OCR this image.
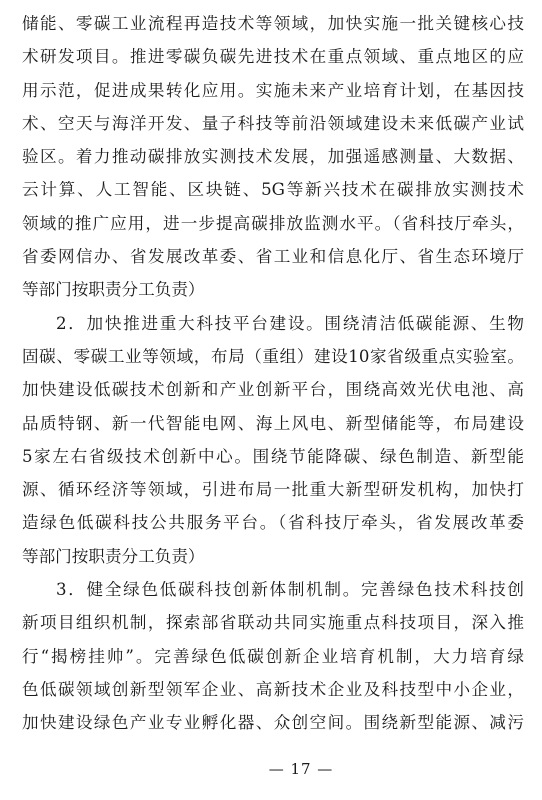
储能、零碳工业流程再造技术等领域，加快实施一批关键核心技
术研发项目。推进零碳负碳先进技术在重点领域、重点地区的应
用示范，促进成果转化应用。实施未来产业培育计划，在基因技
术、空天与海洋开发、量子科技等前沿领域建设未来低碳产业试
验区。着力推动碳排放实测技术发展，加强遥感测量、大数据、
云计算、人工智能、区块链、5G等新兴技术在碳排放实测技术
领域的推广应用，进一步提高碳排放监测水平。（省科技厅牵头，
省委网信办、省发展改革委、省工业和信息化厅、省生态环境厅
等部门按职责分工负责）
2．加快推进重大科技平台建设。围绕清洁低碳能源、生物
固碳、零碳工业等领域，布局（重组）建设10家省级重点实验室。
加快建设低碳技术创新和产业创新平台，围绕高效光伏电池、高
品质特钢、新一代智能电网、海上风电、新型储能等，布局建设
5家左右省级技术创新中心。围绕节能降碳、绿色制造、新型能
源、循环经济等领域，引进布局一批重大新型研发机构，加快打
造绿色低碳科技公共服务平台。（省科技厅牵头，省发展改革委
等部门按职责分工负责）
3．健全绿色低碳科技创新体制机制。完善绿色技术科技创
新项目组织机制，探索部省联动共同实施重点科技项目，深入推
行“揭榜挂帅”。完善绿色低碳创新企业培育机制，大力培育绿
色低碳领域创新型领军企业、高新技术企业及科技型中小企业，
加快建设绿色产业专业孵化器、众创空间。围绕新型能源、减污
— 17 —
